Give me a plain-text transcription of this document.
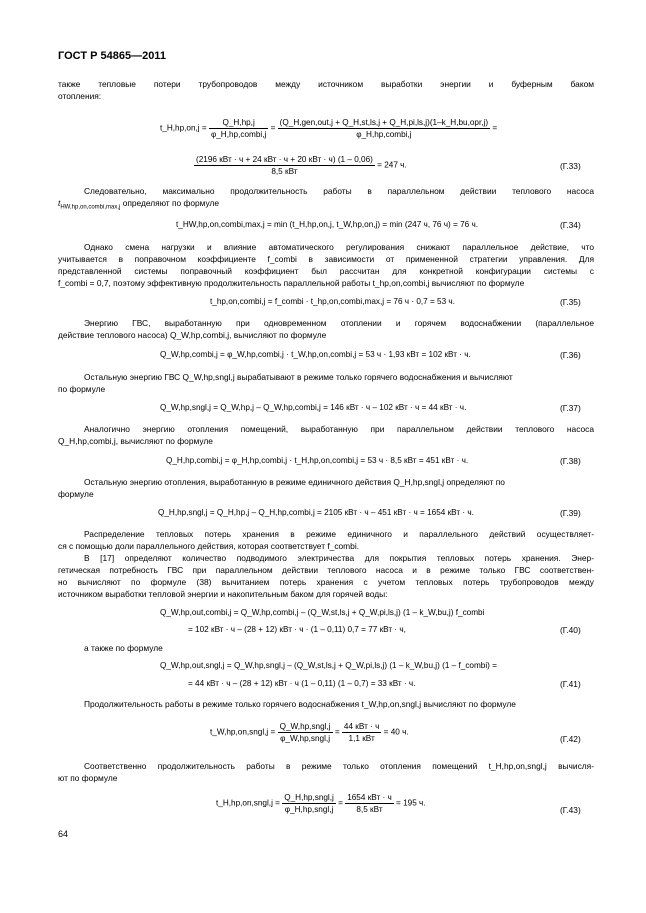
ГОСТ Р 54865—2011
также тепловые потери трубопроводов между источником выработки энергии и буферным баком
отопления:
t_H,hp,on,j = $\frac{Q\_H,hp,j}{\text{φ\_H,hp,combi,j}} = \frac{\text{(Q\_H,gen,out,j + Q\_H,st,ls,j + Q\_H,pi,ls,j)(1–k\_H,bu,opr,j)}}{\text{φ\_H,hp,combi,j}}$ =
$\frac{\text{(2196 кВт · ч + 24 кВт · ч + 20 кВт · ч) (1 – 0,06)}}{\text{8,5 кВт}} = 247$ ч.	(Г.33)
Следовательно, максимально продолжительность работы в параллельном действии теплового насоса
$t_{HW,hp,on,combi,max,j}$ определяют по формуле
t_HW,hp,on,combi,max,j = min (t_H,hp,on,j, t_W,hp,on,j) = min (247 ч, 76 ч) = 76 ч.	(Г.34)
Однако смена нагрузки и влияние автоматического регулирования снижают параллельное действие, что
учитывается в поправочном коэффициенте f_combi в зависимости от примененной стратегии управления. Для
представленной системы поправочный коэффициент был рассчитан для конкретной конфигурации системы с
f_combi = 0,7, поэтому эффективную продолжительность параллельной работы t_hp,on,combi,j вычисляют по формуле
t_hp,on,combi,j = f_combi · t_hp,on,combi,max,j = 76 ч · 0,7 = 53 ч.	(Г.35)
Энергию ГВС, выработанную при одновременном отоплении и горячем водоснабжении (параллельное
действие теплового насоса) Q_W,hp,combi,j, вычисляют по формуле
Q_W,hp,combi,j = φ_W,hp,combi,j · t_W,hp,on,combi,j = 53 ч · 1,93 кВт = 102 кВт · ч.	(Г.36)
Остальную энергию ГВС Q_W,hp,sngl,j вырабатывают в режиме только горячего водоснабжения и вычисляют
по формуле
Q_W,hp,sngl,j = Q_W,hp,j – Q_W,hp,combi,j = 146 кВт · ч – 102 кВт · ч = 44 кВт · ч.	(Г.37)
Аналогично энергию отопления помещений, выработанную при параллельном действии теплового насоса
Q_H,hp,combi,j, вычисляют по формуле
Q_H,hp,combi,j = φ_H,hp,combi,j · t_H,hp,on,combi,j = 53 ч · 8,5 кВт = 451 кВт · ч.	(Г.38)
Остальную энергию отопления, выработанную в режиме единичного действия Q_H,hp,sngl,j определяют по
формуле
Q_H,hp,sngl,j = Q_H,hp,j – Q_H,hp,combi,j = 2105 кВт · ч – 451 кВт · ч = 1654 кВт · ч.	(Г.39)
Распределение тепловых потерь хранения в режиме единичного и параллельного действий осуществляет-
ся с помощью доли параллельного действия, которая соответствует f_combi.
В [17] определяют количество подводимого электричества для покрытия тепловых потерь хранения. Энер-
гетическая потребность ГВС при параллельном действии теплового насоса и в режиме только ГВС соответствен-
но вычисляют по формуле (38) вычитанием потерь хранения с учетом тепловых потерь трубопроводов между
источником выработки тепловой энергии и накопительным баком для горячей воды:
Q_W,hp,out,combi,j = Q_W,hp,combi,j – (Q_W,st,ls,j + Q_W,pi,ls,j) (1 – k_W,bu,j) f_combi
= 102 кВт · ч – (28 + 12) кВт · ч · (1 – 0,11) 0,7 = 77 кВт · ч,	(Г.40)
а также по формуле
Q_W,hp,out,sngl,j = Q_W,hp,sngl,j – (Q_W,st,ls,j + Q_W,pi,ls,j) (1 – k_W,bu,j) (1 – f_combi) =
= 44 кВт · ч – (28 + 12) кВт · ч (1 – 0,11) (1 – 0,7) = 33 кВт · ч.	(Г.41)
Продолжительность работы в режиме только горячего водоснабжения t_W,hp,on,sngl,j вычисляют по формуле
t_W,hp,on,sngl,j = $\frac{\text{Q\_W,hp,sngl,j}}{\text{φ\_W,hp,sngl,j}} = \frac{\text{44 кВт · ч}}{\text{1,1 кВт}} = 40$ ч.
(Г.42)
Соответственно продолжительность работы в режиме только отопления помещений t_H,hp,on,sngl,j вычисля-
ют по формуле
t_H,hp,on,sngl,j = $\frac{\text{Q\_H,hp,sngl,j}}{\text{φ\_H,hp,sngl,j}} = \frac{\text{1654 кВт · ч}}{\text{8,5 кВт}} = 195$ ч.
(Г.43)
64
